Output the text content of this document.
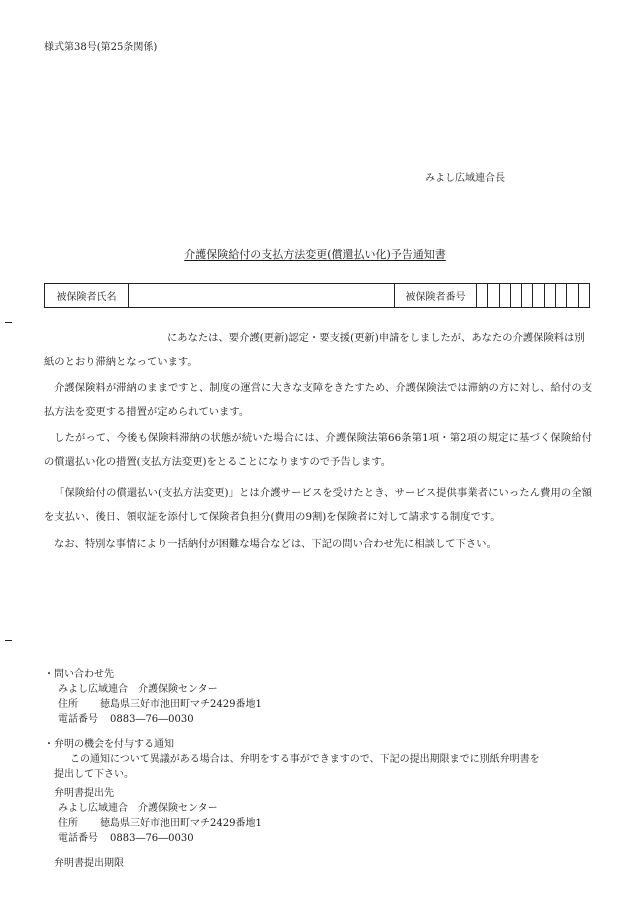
様式第38号(第25条関係)
みよし広域連合長
介護保険給付の支払方法変更(償還払い化)予告通知書
被保険者氏名		被保険者番号										
にあなたは、要介護(更新)認定・要支援(更新)申請をしましたが、あなたの介護保険料は別
紙のとおり滞納となっています。

介護保険料が滞納のままですと、制度の運営に大きな支障をきたすため、介護保険法では滞納の方に対し、給付の支払方法を変更する措置が定められています。

したがって、今後も保険料滞納の状態が続いた場合には、介護保険法第66条第1項・第2項の規定に基づく保険給付の償還払い化の措置(支払方法変更)をとることになりますので予告します。

「保険給付の償還払い(支払方法変更)」とは介護サービスを受けたとき、サービス提供事業者にいったん費用の全額を支払い、後日、領収証を添付して保険者負担分(費用の9割)を保険者に対して請求する制度です。

なお、特別な事情により一括納付が困難な場合などは、下記の問い合わせ先に相談して下さい。

・問い合わせ先
みよし広域連合　介護保険センター
住所 徳島県三好市池田町マチ2429番地1
電話番号 0883―76―0030
・弁明の機会を付与する通知
この通知について異議がある場合は、弁明をする事ができますので、下記の提出期限までに別紙弁明書を
提出して下さい。
弁明書提出先
みよし広域連合　介護保険センター
住所 徳島県三好市池田町マチ2429番地1
電話番号 0883―76―0030
弁明書提出期限
